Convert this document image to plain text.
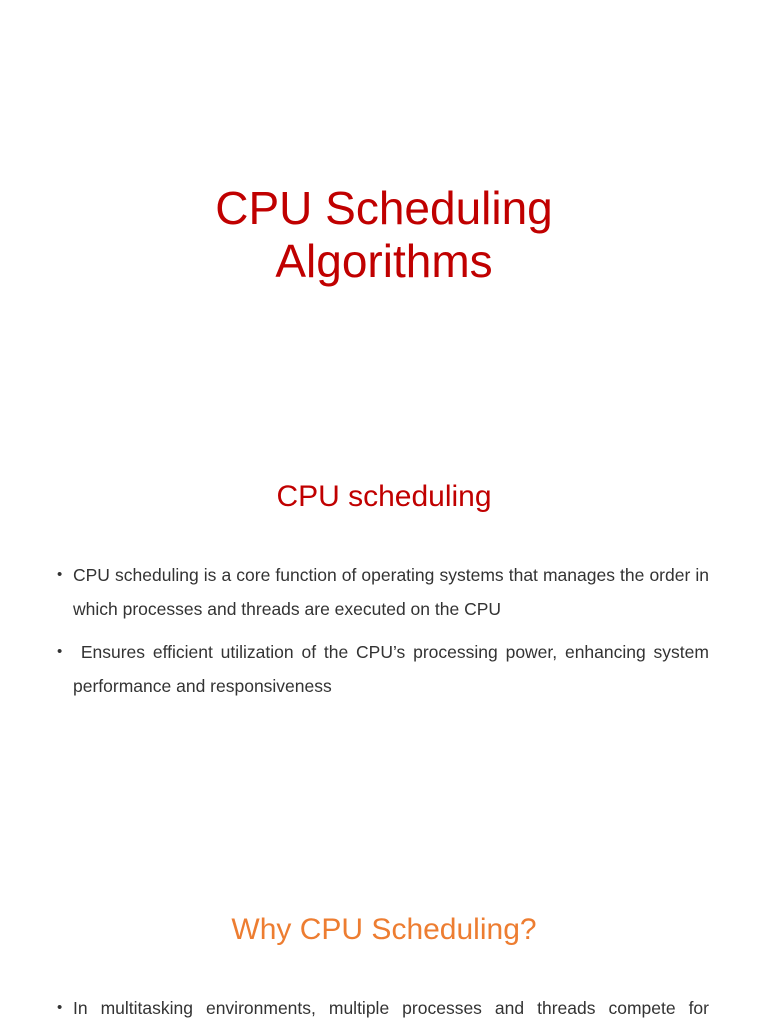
CPU Scheduling
Algorithms
CPU scheduling
• CPU scheduling is a core function of operating systems that manages the order in which processes and threads are executed on the CPU
• Ensures efficient utilization of the CPU’s processing power, enhancing system performance and responsiveness
Why CPU Scheduling?
• In multitasking environments, multiple processes and threads compete for
